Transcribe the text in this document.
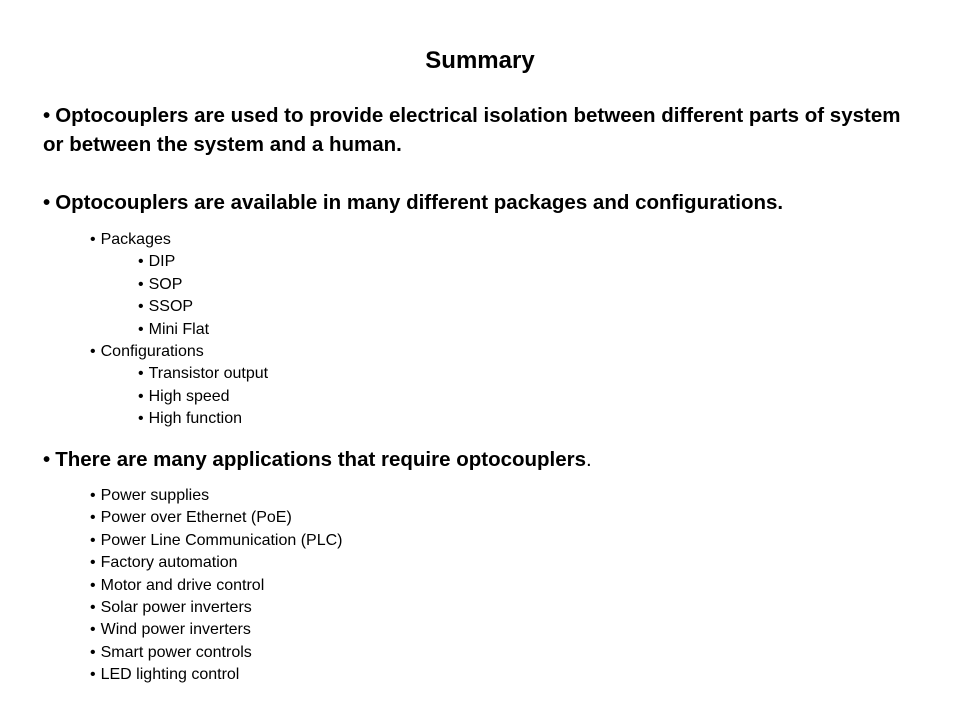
Summary
• Optocouplers are used to provide electrical isolation between different parts of system or between the system and a human.
• Optocouplers are available in many different packages and configurations.
• Packages
• DIP
• SOP
• SSOP
• Mini Flat
• Configurations
• Transistor output
• High speed
• High function
• There are many applications that require optocouplers.
• Power supplies
• Power over Ethernet (PoE)
• Power Line Communication (PLC)
• Factory automation
• Motor and drive control
• Solar power inverters
• Wind power inverters
• Smart power controls
• LED lighting control
